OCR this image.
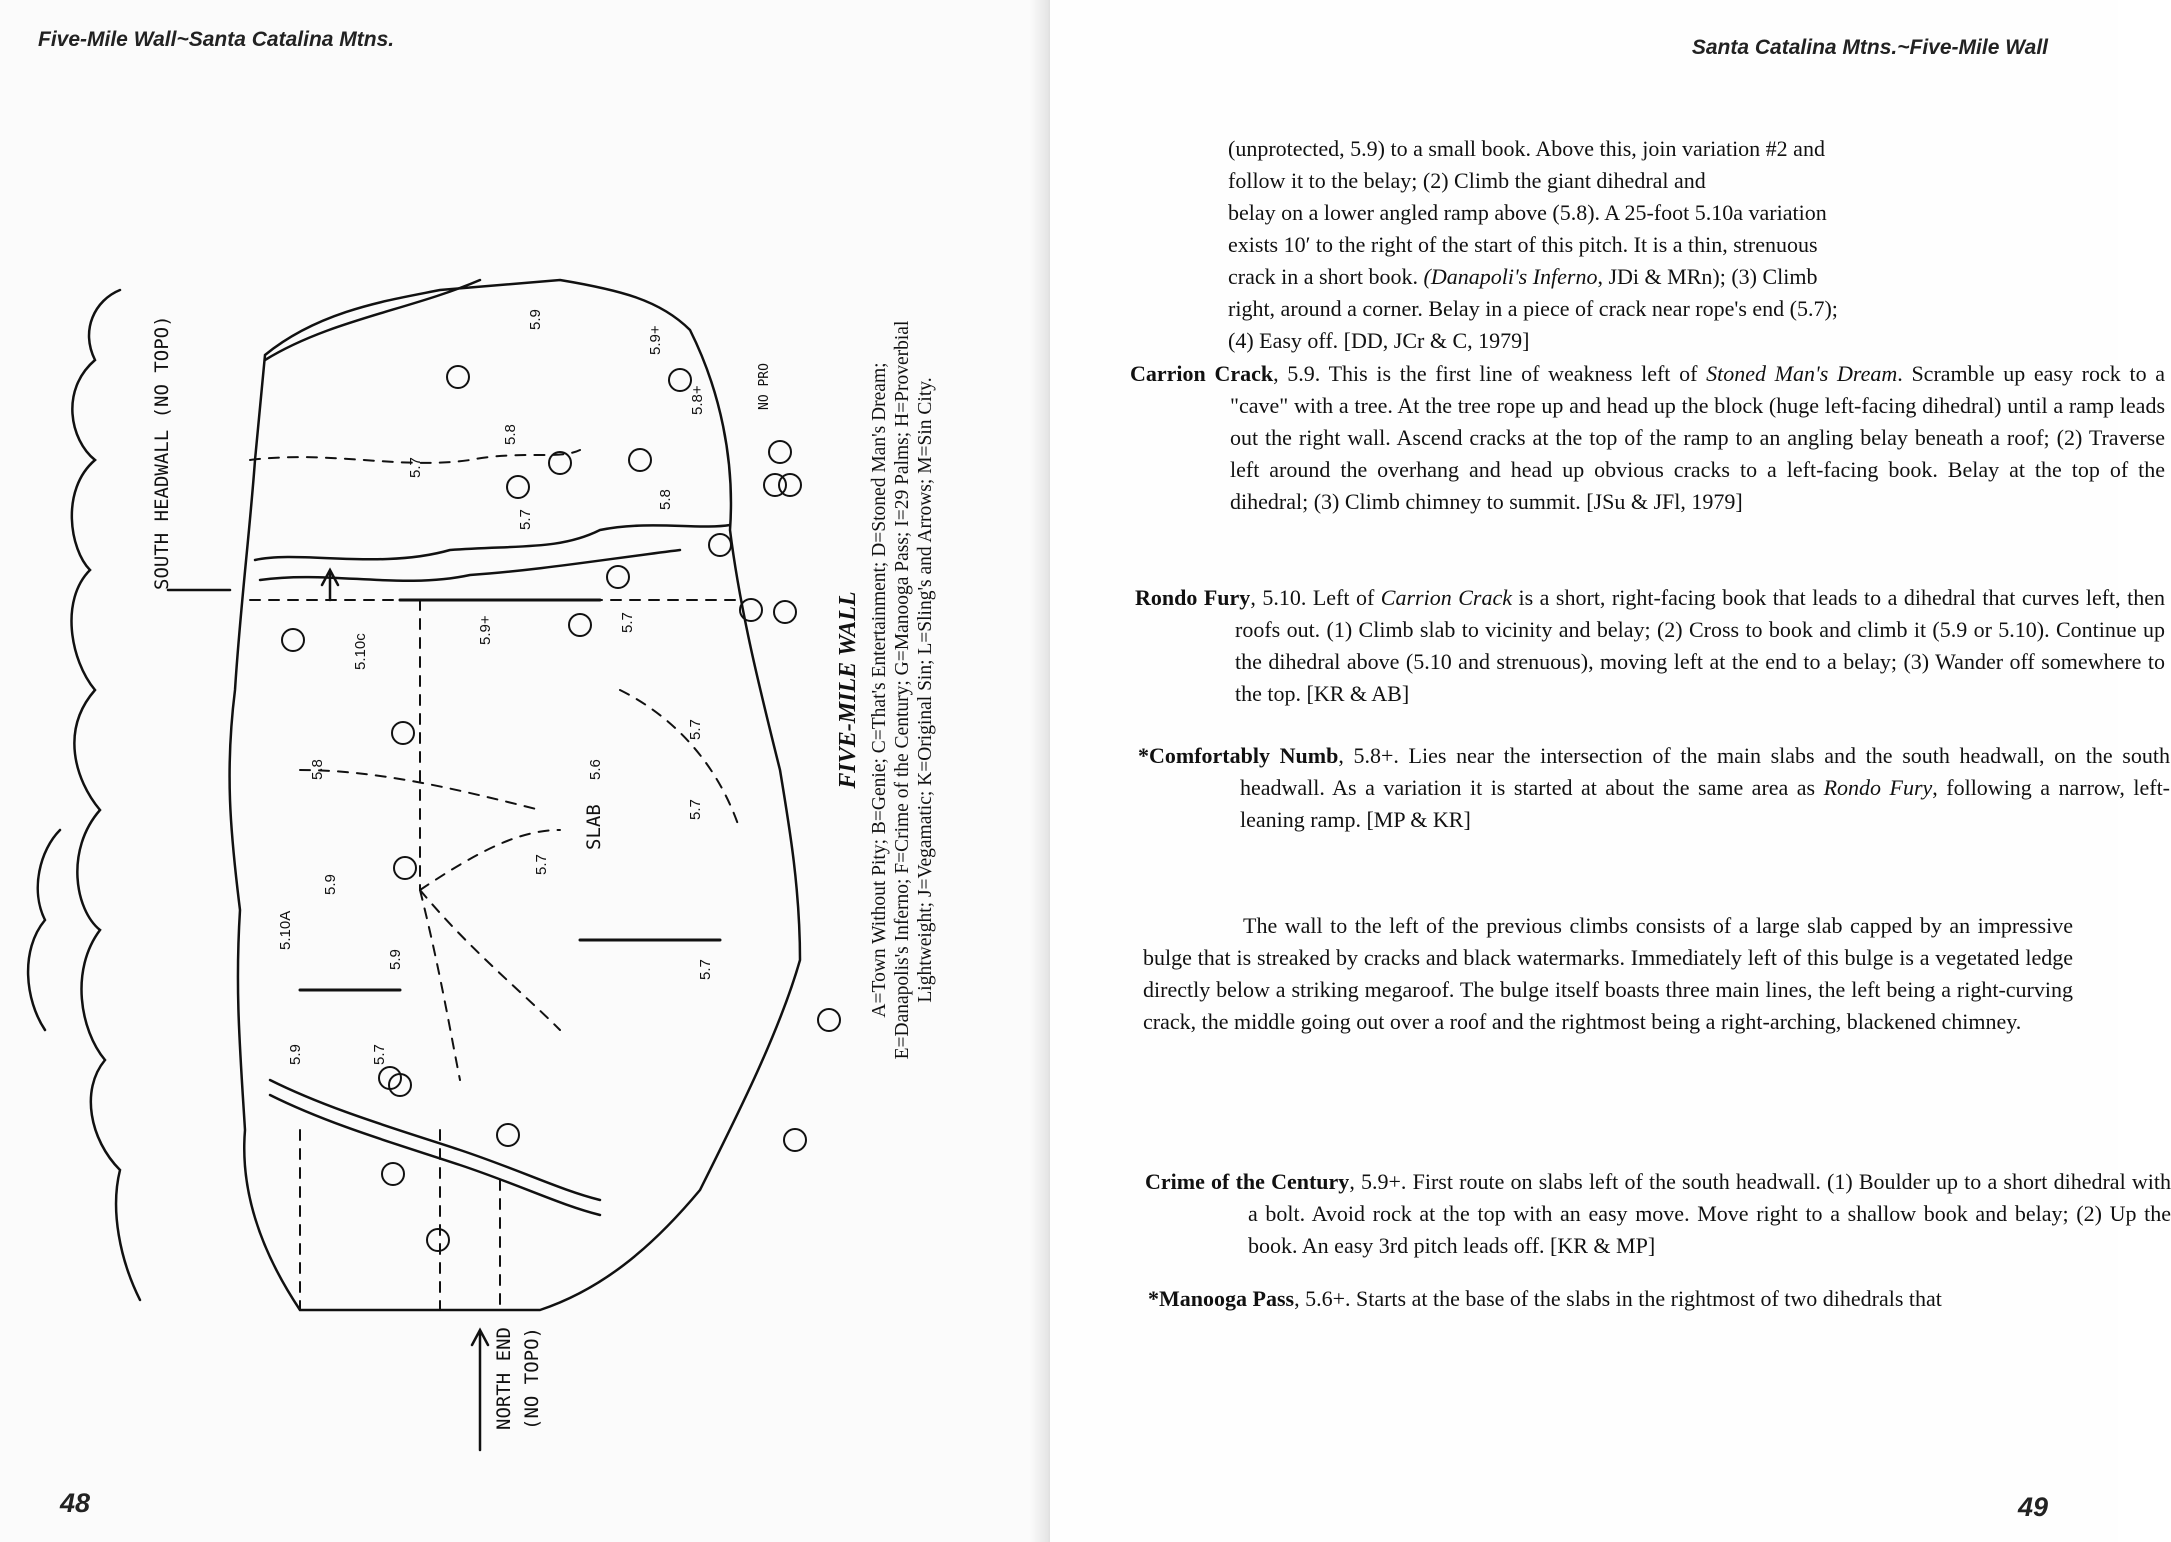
Five-Mile Wall~Santa Catalina Mtns.
5.9
5.9+
5.7
5.8
5.8+
5.7
5.8
5.7
5.9+
5.10c
5.8	5.6
5.7
5.9
5.10A
5.9
5.9	5.7
5.7
5.7
5.7
SOUTH HEADWALL (NO TOPO)
SLAB
NO PRO
NORTH END (NO TOPO)
FIVE-MILE WALL A=Town Without Pity; B=Genie; C=That's Entertainment; D=Stoned Man's Dream; E=Danapolis's Inferno; F=Crime of the Century; G=Manooga Pass; I=29 Palms; H=Proverbial Lightweight; J=Vegamatic; K=Original Sin; L=Sling's and Arrows; M=Sin City.
48
Santa Catalina Mtns.~Five-Mile Wall

(unprotected, 5.9) to a small book. Above this, join variation #2 and

follow it to the belay; (2) Climb the giant dihedral and

belay on a lower angled ramp above (5.8). A 25-foot 5.10a variation

exists 10′ to the right of the start of this pitch. It is a thin, strenuous

crack in a short book. (Danapoli's Inferno, JDi & MRn); (3) Climb

right, around a corner. Belay in a piece of crack near rope's end (5.7);

(4) Easy off. [DD, JCr & C, 1979]

Carrion Crack, 5.9. This is the first line of weakness left of Stoned Man's Dream. Scramble up easy rock to a "cave" with a tree. At the tree rope up and head up the block (huge left-facing dihedral) until a ramp leads out the right wall. Ascend cracks at the top of the ramp to an angling belay beneath a roof; (2) Traverse left around the overhang and head up obvious cracks to a left-facing book. Belay at the top of the dihedral; (3) Climb chimney to summit. [JSu & JFl, 1979]

Rondo Fury, 5.10. Left of Carrion Crack is a short, right-facing book that leads to a dihedral that curves left, then roofs out. (1) Climb slab to vicinity and belay; (2) Cross to book and climb it (5.9 or 5.10). Continue up the dihedral above (5.10 and strenuous), moving left at the end to a belay; (3) Wander off somewhere to the top. [KR & AB]

*Comfortably Numb, 5.8+. Lies near the intersection of the main slabs and the south headwall, on the south headwall. As a variation it is started at about the same area as Rondo Fury, following a narrow, left-leaning ramp. [MP & KR]

The wall to the left of the previous climbs consists of a large slab capped by an impressive bulge that is streaked by cracks and black watermarks. Immediately left of this bulge is a vegetated ledge directly below a striking megaroof. The bulge itself boasts three main lines, the left being a right-curving crack, the middle going out over a roof and the rightmost being a right-arching, blackened chimney.

Crime of the Century, 5.9+. First route on slabs left of the south headwall. (1) Boulder up to a short dihedral with a bolt. Avoid rock at the top with an easy move. Move right to a shallow book and belay; (2) Up the book. An easy 3rd pitch leads off. [KR & MP]

*Manooga Pass, 5.6+. Starts at the base of the slabs in the rightmost of two dihedrals that

49
